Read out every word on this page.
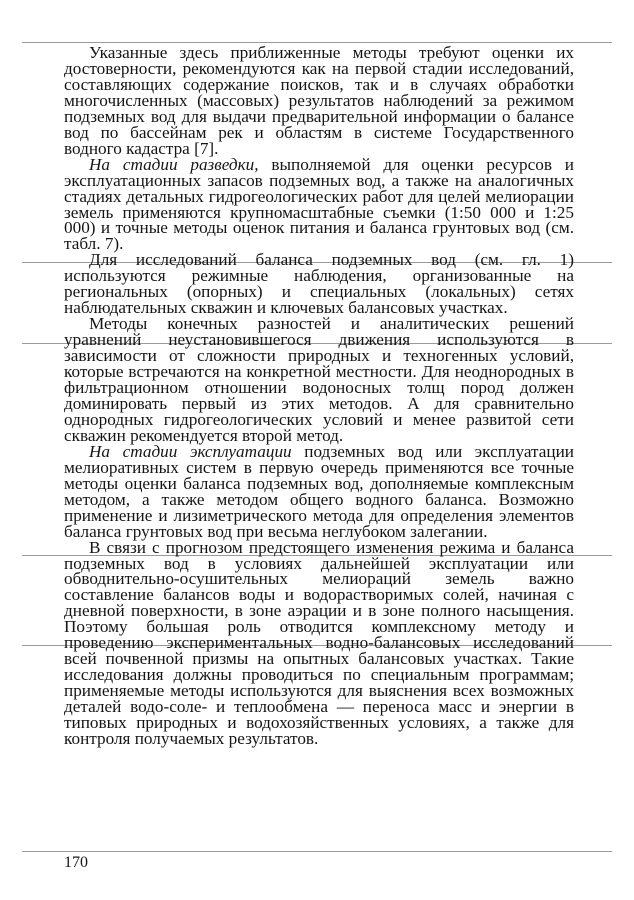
Указанные здесь приближенные методы требуют оценки их достоверности, рекомендуются как на первой стадии исследований, составляющих содержание поисков, так и в случаях обработки многочисленных (массовых) результатов наблюдений за режимом подземных вод для выдачи предварительной информации о балансе вод по бассейнам рек и областям в системе Государственного водного кадастра [7].

На стадии разведки, выполняемой для оценки ресурсов и эксплуатационных запасов подземных вод, а также на аналогичных стадиях детальных гидрогеологических работ для целей мелиорации земель применяются крупномасштабные съемки (1:50 000 и 1:25 000) и точные методы оценок питания и баланса грунтовых вод (см. табл. 7).

Для исследований баланса подземных вод (см. гл. 1) используются режимные наблюдения, организованные на региональных (опорных) и специальных (локальных) сетях наблюдательных скважин и ключевых балансовых участках.

Методы конечных разностей и аналитических решений уравнений неустановившегося движения используются в зависимости от сложности природных и техногенных условий, которые встречаются на конкретной местности. Для неоднородных в фильтрационном отношении водоносных толщ пород должен доминировать первый из этих методов. А для сравнительно однородных гидрогеологических условий и менее развитой сети скважин рекомендуется второй метод.

На стадии эксплуатации подземных вод или эксплуатации мелиоративных систем в первую очередь применяются все точные методы оценки баланса подземных вод, дополняемые комплексным методом, а также методом общего водного баланса. Возможно применение и лизиметрического метода для определения элементов баланса грунтовых вод при весьма неглубоком залегании.

В связи с прогнозом предстоящего изменения режима и баланса подземных вод в условиях дальнейшей эксплуатации или обводнительно-осушительных мелиораций земель важно составление балансов воды и водорастворимых солей, начиная с дневной поверхности, в зоне аэрации и в зоне полного насыщения. Поэтому большая роль отводится комплексному методу и проведению экспериментальных водно-балансовых исследований всей почвенной призмы на опытных балансовых участках. Такие исследования должны проводиться по специальным программам; применяемые методы используются для выяснения всех возможных деталей водо-соле- и теплообмена — переноса масс и энергии в типовых природных и водохозяйственных условиях, а также для контроля получаемых результатов.

170
